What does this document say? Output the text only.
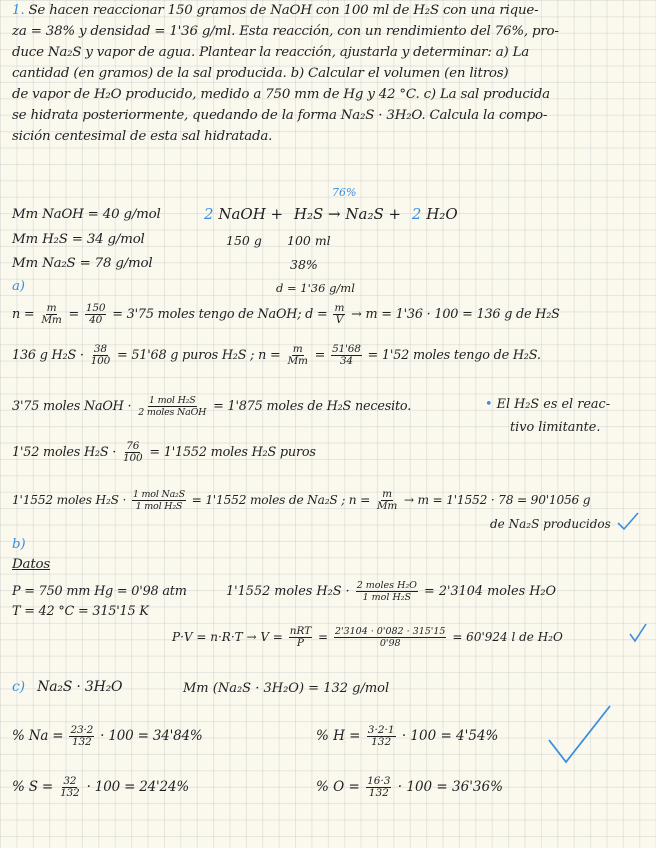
1. Se hacen reaccionar 150 gramos de NaOH con 100 ml de H₂S con una rique-
za = 38% y densidad = 1'36 g/ml. Esta reacción, con un rendimiento del 76%, pro-
duce Na₂S y vapor de agua. Plantear la reacción, ajustarla y determinar: a) La
cantidad (en gramos) de la sal producida. b) Calcular el volumen (en litros)
de vapor de H₂O producido, medido a 750 mm de Hg y 42 °C. c) La sal producida
se hidrata posteriormente, quedando de la forma Na₂S · 3H₂O. Calcula la compo-
sición centesimal de esta sal hidratada.
76%
2 NaOH + H₂S → Na₂S + 2 H₂O
150 g 100 ml
38%
d = 1'36 g/ml
Mm NaOH = 40 g/mol
Mm H₂S = 34 g/mol
Mm Na₂S = 78 g/mol
a)
$n = \frac{m}{Mm} = \frac{150}{40} = 3'75$ moles tengo de NaOH; $d = \frac{m}{V} \to m = 1'36 \cdot 100 = 136$ g de H₂S
136 g $H_2S \cdot \frac{38}{100} = 51'68$ g puros H₂S ; $n = \frac{m}{Mm} = \frac{51'68}{34} = 1'52$ moles tengo de H₂S.
3'75 moles NaOH · $\frac{\text{1 mol H₂S}}{\text{2 moles NaOH}} = 1'875$ moles de H₂S necesito.	• El H₂S es el reac-
tivo limitante.
1'52 moles $H_2S \cdot \frac{76}{100} = 1'1552$ moles H₂S puros
1'1552 moles $H_2S \cdot \frac{\text{1 mol Na₂S}}{\text{1 mol H₂S}} = 1'1552$ moles de Na₂S ; $n = \frac{m}{Mm} \to m = 1'1552 \cdot 78 = 90'1056$ g
de Na₂S producidos
b)
Datos
P = 750 mm Hg = 0'98 atm
T = 42 °C = 315'15 K
1'1552 moles $H_2S \cdot \frac{\text{2 moles H₂O}}{\text{1 mol H₂S}} = 2'3104$ moles H₂O
$P\cdot V = n\cdot R\cdot T \to V = \frac{\text{nRT}}{P} = \frac{2'3104 \cdot 0'082 \cdot 315'15}{0'98} = 60'924$ l de H₂O
c) Na₂S · 3H₂O	Mm (Na₂S · 3H₂O) = 132 g/mol
% $Na = \frac{23\cdot 2}{132} \cdot 100 = 34'84\%$	% $H = \frac{3\cdot 2\cdot 1}{132} \cdot 100 = 4'54\%$
% $S = \frac{32}{132} \cdot 100 = 24'24\%$	% $O = \frac{16\cdot 3}{132} \cdot 100 = 36'36\%$
